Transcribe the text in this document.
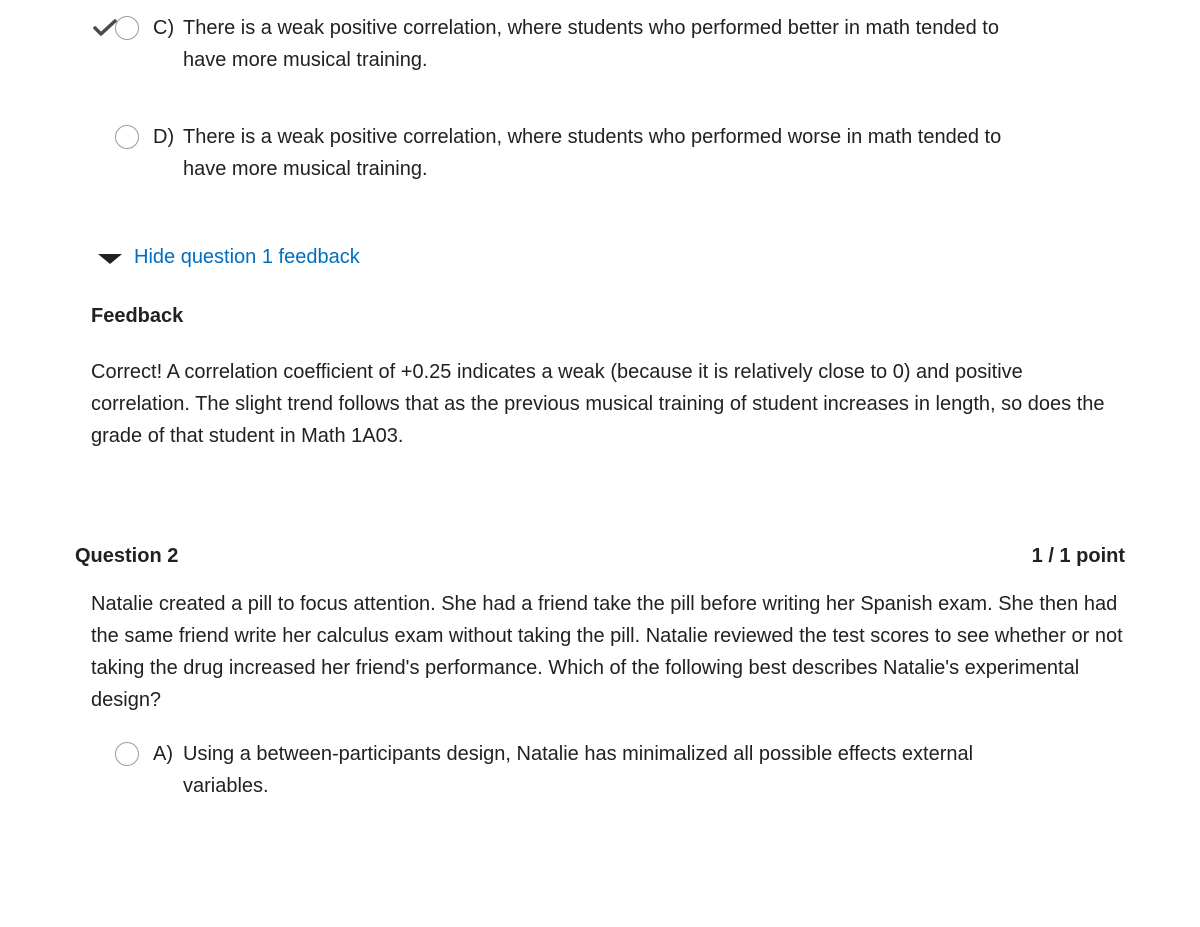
C) There is a weak positive correlation, where students who performed better in math tended to
have more musical training.
D) There is a weak positive correlation, where students who performed worse in math tended to
have more musical training.
Hide question 1 feedback
Feedback
Correct! A correlation coefficient of +0.25 indicates a weak (because it is relatively close to 0) and positive correlation. The slight trend follows that as the previous musical training of student increases in length, so does the grade of that student in Math 1A03.
Question 2	1 / 1 point
Natalie created a pill to focus attention. She had a friend take the pill before writing her Spanish exam. She then had the same friend write her calculus exam without taking the pill. Natalie reviewed the test scores to see whether or not taking the drug increased her friend's performance. Which of the following best describes Natalie's experimental design?
A) Using a between-participants design, Natalie has minimalized all possible effects external
variables.
